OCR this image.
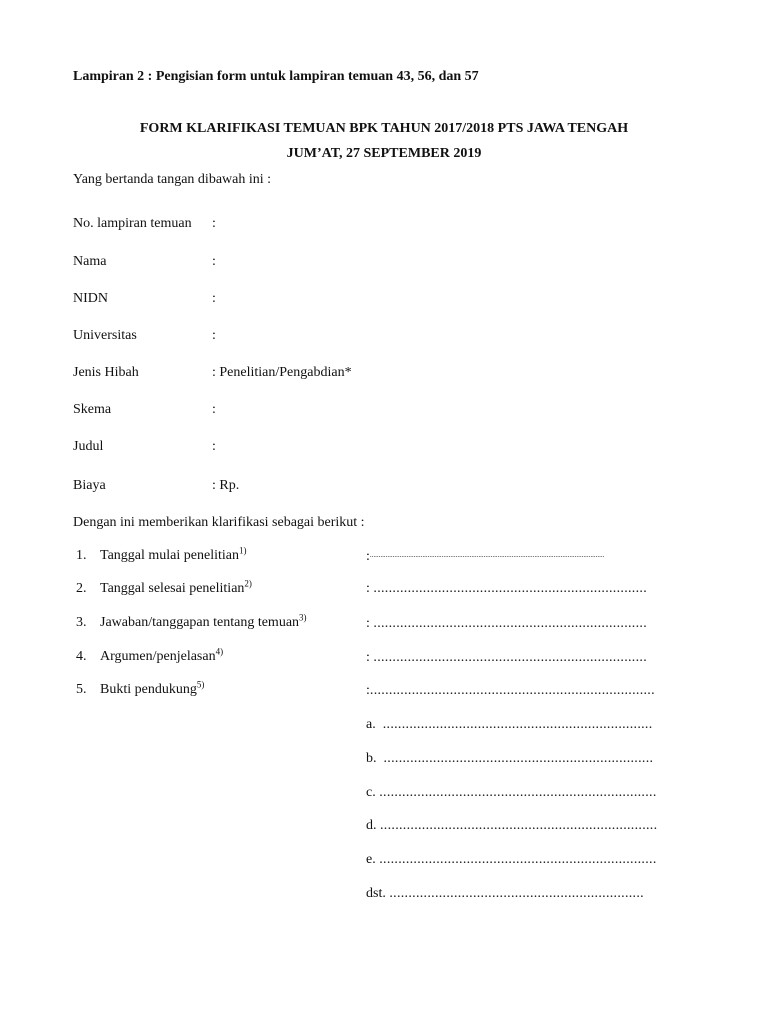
Lampiran 2 : Pengisian form untuk lampiran temuan 43, 56, dan 57
FORM KLARIFIKASI TEMUAN BPK TAHUN 2017/2018 PTS JAWA TENGAH
JUM’AT, 27 SEPTEMBER 2019
Yang bertanda tangan dibawah ini :
No. lampiran temuan :
Nama	:
NIDN	:
Universitas	:
Jenis Hibah	: Penelitian/Pengabdian*
Skema	:
Judul	:
Biaya	: Rp.
Dengan ini memberikan klarifikasi sebagai berikut :
1. Tanggal mulai penelitian$^{1)}$	:......................................................................................................................................
2. Tanggal selesai penelitian$^{2)}$	: ........................................................................
3. Jawaban/tanggapan tentang temuan$^{3)}$	: ........................................................................
4. Argumen/penjelasan$^{4)}$	: ........................................................................
5. Bukti pendukung$^{5)}$	:...........................................................................
a. .......................................................................
b. .......................................................................
c. .........................................................................
d. .........................................................................
e. .........................................................................
dst. ...................................................................
